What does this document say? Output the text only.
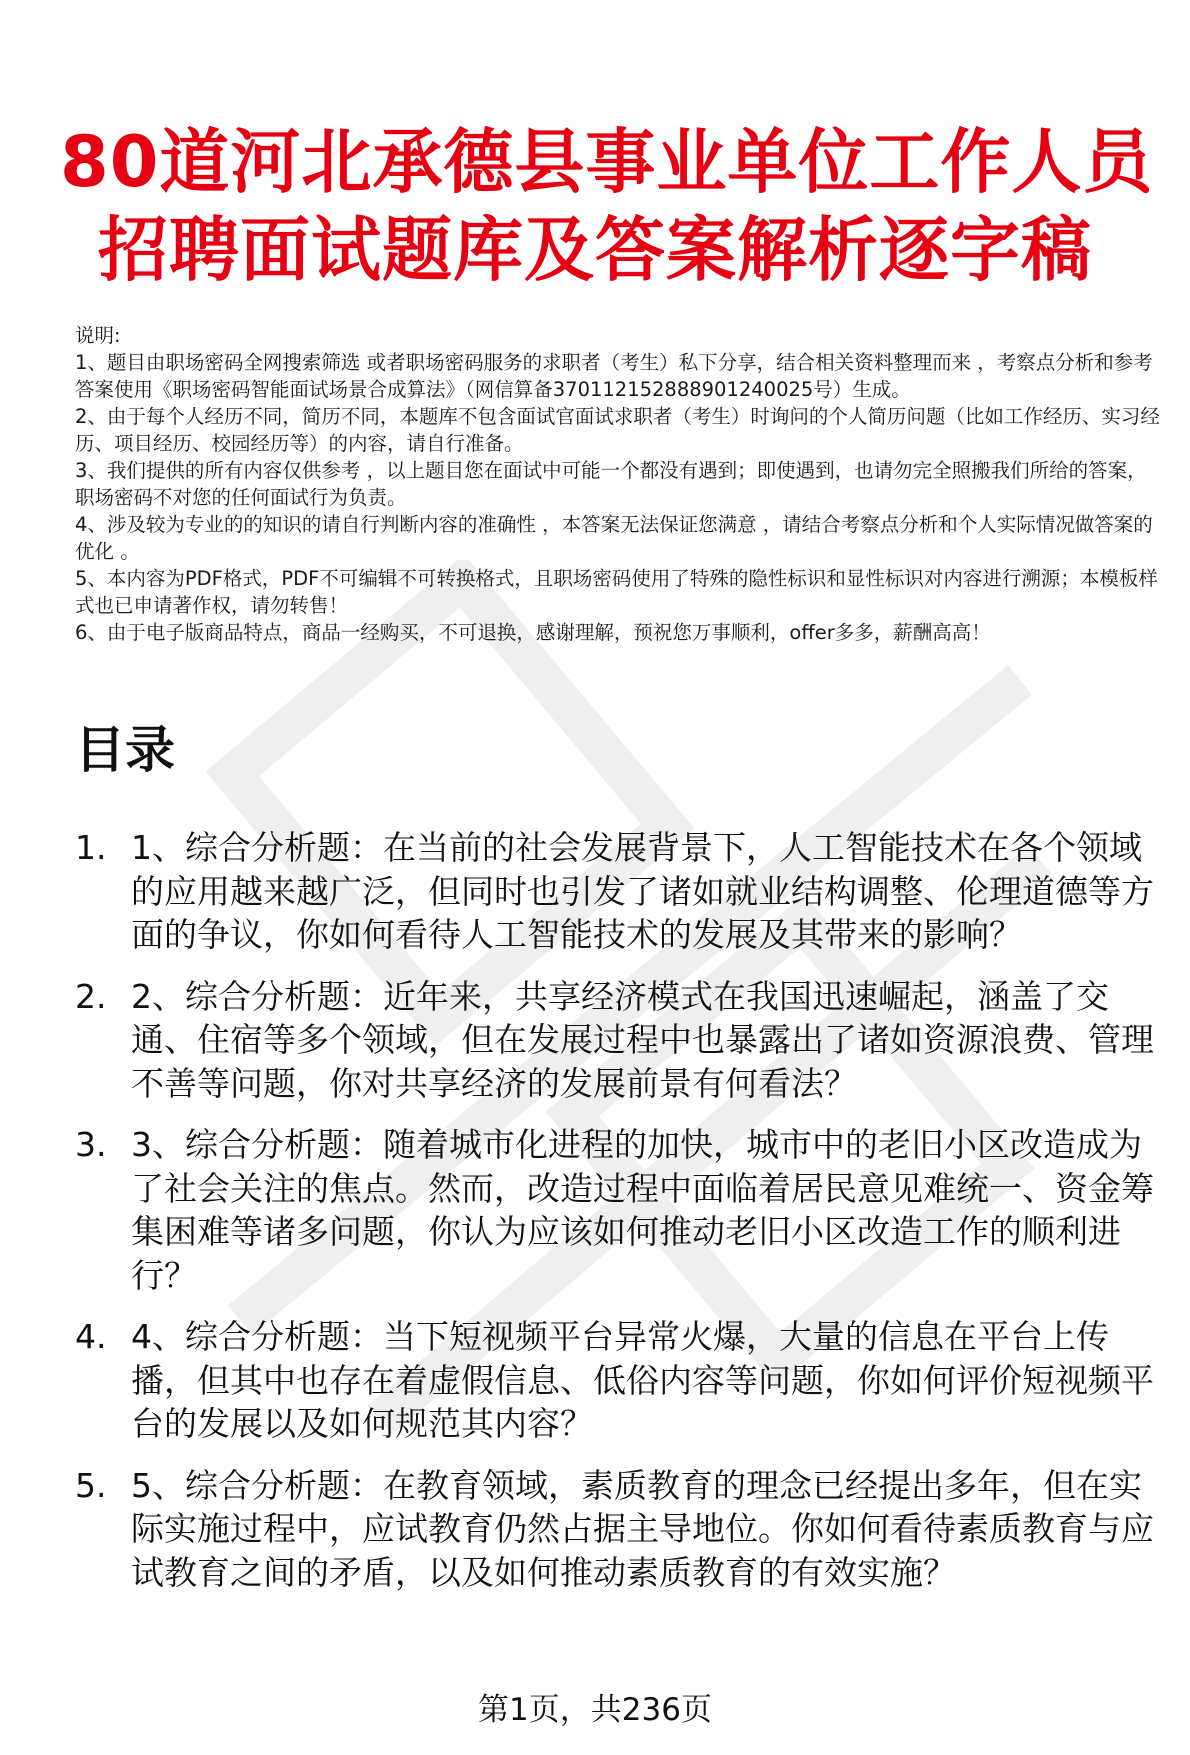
80道河北承德县事业单位工作人员
招聘面试题库及答案解析逐字稿

说明:

1、题目由职场密码全网搜索筛选 或者职场密码服务的求职者（考生）私下分享，结合相关资料整理而来 ，考察点分析和参考答案使用《职场密码智能面试场景合成算法》（网信算备370112152888901240025号）生成。

2、由于每个人经历不同，简历不同，本题库不包含面试官面试求职者（考生）时询问的个人简历问题（比如工作经历、实习经历、项目经历、校园经历等）的内容，请自行准备。

3、我们提供的所有内容仅供参考 ，以上题目您在面试中可能一个都没有遇到；即使遇到，也请勿完全照搬我们所给的答案，职场密码不对您的任何面试行为负责。

4、涉及较为专业的的知识的请自行判断内容的准确性 ，本答案无法保证您满意 ，请结合考察点分析和个人实际情况做答案的优化 。

5、本内容为PDF格式，PDF不可编辑不可转换格式，且职场密码使用了特殊的隐性标识和显性标识对内容进行溯源；本模板样式也已申请著作权，请勿转售！

6、由于电子版商品特点，商品一经购买，不可退换，感谢理解，预祝您万事顺利，offer多多，薪酬高高！

目录
1. 1、综合分析题：在当前的社会发展背景下，人工智能技术在各个领域的应用越来越广泛，但同时也引发了诸如就业结构调整、伦理道德等方面的争议，你如何看待人工智能技术的发展及其带来的影响？
2. 2、综合分析题：近年来，共享经济模式在我国迅速崛起，涵盖了交通、住宿等多个领域，但在发展过程中也暴露出了诸如资源浪费、管理不善等问题，你对共享经济的发展前景有何看法？
3. 3、综合分析题：随着城市化进程的加快，城市中的老旧小区改造成为了社会关注的焦点。然而，改造过程中面临着居民意见难统一、资金筹集困难等诸多问题，你认为应该如何推动老旧小区改造工作的顺利进行？
4. 4、综合分析题：当下短视频平台异常火爆，大量的信息在平台上传播，但其中也存在着虚假信息、低俗内容等问题，你如何评价短视频平台的发展以及如何规范其内容？
5. 5、综合分析题：在教育领域，素质教育的理念已经提出多年，但在实际实施过程中，应试教育仍然占据主导地位。你如何看待素质教育与应试教育之间的矛盾，以及如何推动素质教育的有效实施？
第1页，共236页
